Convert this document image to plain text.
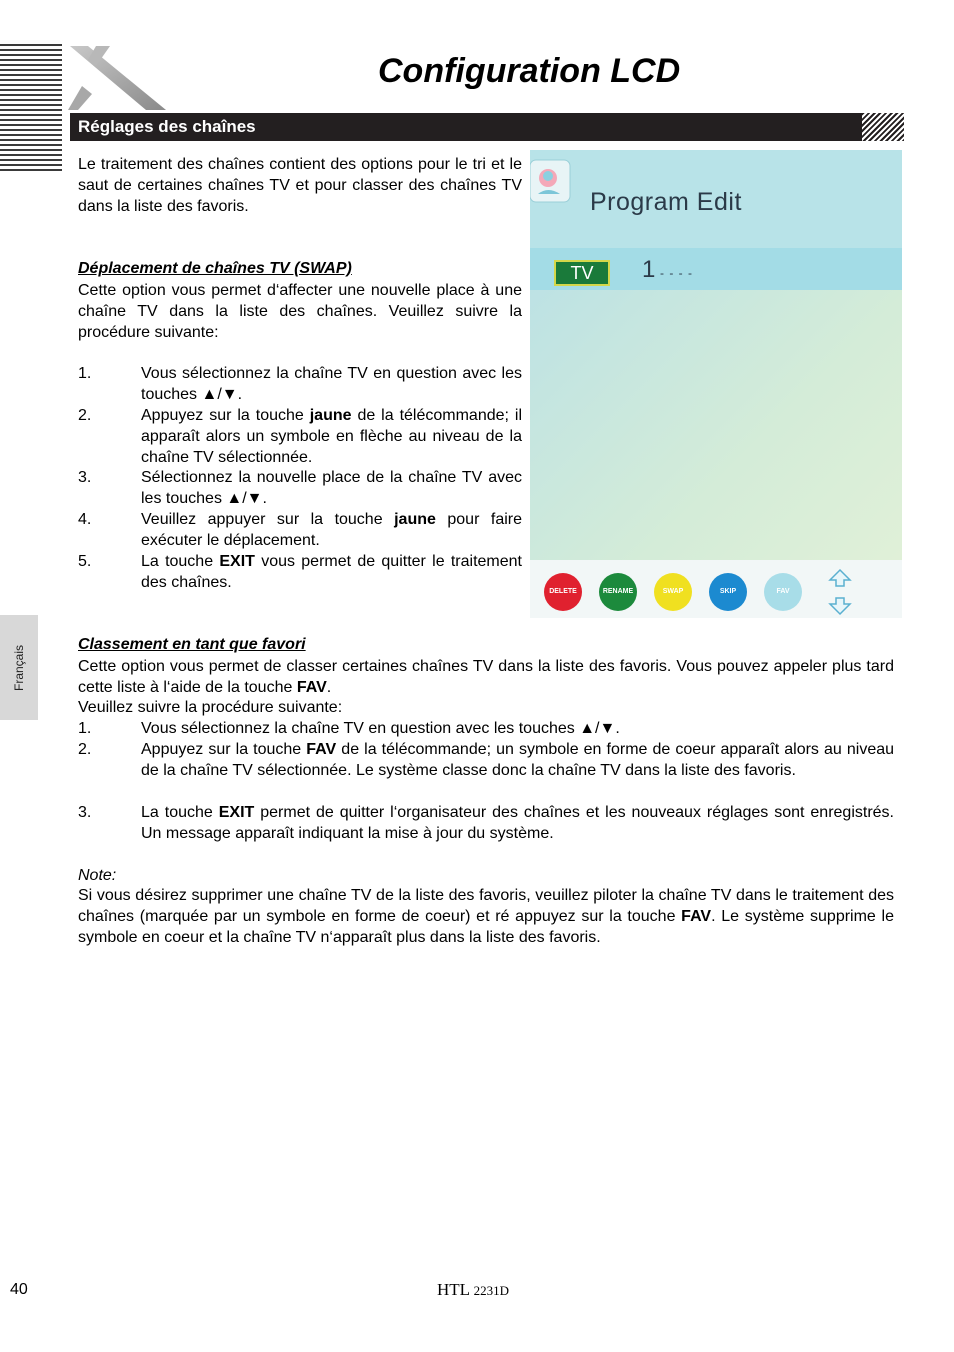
Configuration LCD
Réglages des chaînes
Le traitement des chaînes contient des options pour le tri et le saut de certaines chaînes TV et pour classer des chaînes TV dans la liste des favoris.
Déplacement de chaînes TV (SWAP)
Cette option vous permet d‘affecter une nouvelle place à une chaîne TV dans la liste des chaînes. Veuillez suivre la procédure suivante:
1.	Vous sélectionnez la chaîne TV en question avec les touches ▲/▼.
2.	Appuyez sur la touche jaune de la télécommande; il apparaît alors un symbole en flèche au niveau de la chaîne TV sélectionnée.
3.	Sélectionnez la nouvelle place de la chaîne TV avec les touches ▲/▼.
4.	Veuillez appuyer sur la touche jaune pour faire exécuter le déplacement.
5.	La touche EXIT vous permet de quitter le traitement des chaînes.
Program Edit
TV	1 - - - -
DELETE	RENAME	SWAP	SKIP	FAV
Français	Classement en tant que favori
Cette option vous permet de classer certaines chaînes TV dans la liste des favoris. Vous pouvez appeler plus tard cette liste à l‘aide de la touche FAV.
Veuillez suivre la procédure suivante:
1.	Vous sélectionnez la chaîne TV en question avec les touches ▲/▼.
2.	Appuyez sur la touche FAV de la télécommande; un symbole en forme de coeur apparaît alors au niveau de la chaîne TV sélectionnée. Le système classe donc la chaîne TV dans la liste des favoris.
3.	La touche EXIT permet de quitter l‘organisateur des chaînes et les nouveaux réglages sont enregistrés. Un message apparaît indiquant la mise à jour du système.
Note:
Si vous désirez supprimer une chaîne TV de la liste des favoris, veuillez piloter la chaîne TV dans le traitement des chaînes (marquée par un symbole en forme de coeur) et ré appuyez sur la touche FAV. Le système supprime le symbole en coeur et la chaîne TV n‘apparaît plus dans la liste des favoris.
40	HTL 2231D
